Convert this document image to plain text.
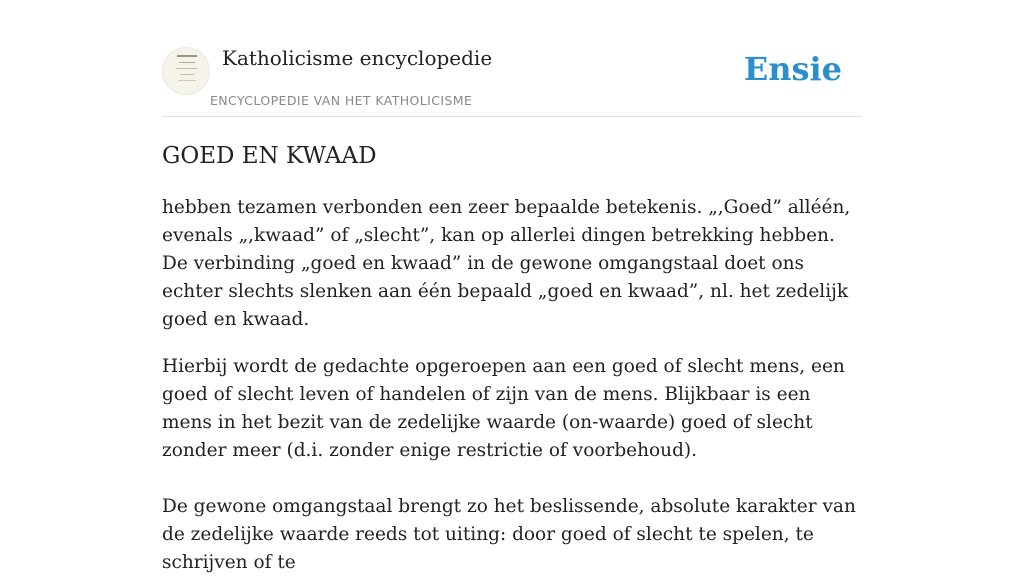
Katholicisme encyclopedie
ENCYCLOPEDIE VAN HET KATHOLICISME
Ensie
GOED EN KWAAD

hebben tezamen verbonden een zeer bepaalde betekenis. „,Goed” alléén, evenals „,kwaad” of „slecht”, kan op allerlei dingen betrekking hebben. De verbinding „goed en kwaad” in de gewone omgangstaal doet ons echter slechts slenken aan één bepaald „goed en kwaad”, nl. het zedelijk goed en kwaad.

Hierbij wordt de gedachte opgeroepen aan een goed of slecht mens, een goed of slecht leven of handelen of zijn van de mens. Blijkbaar is een mens in het bezit van de zedelijke waarde (on-waarde) goed of slecht zonder meer (d.i. zonder enige restrictie of voorbehoud).

De gewone omgangstaal brengt zo het beslissende, absolute karakter van de zedelijke waarde reeds tot uiting: door goed of slecht te spelen, te schrijven of te
